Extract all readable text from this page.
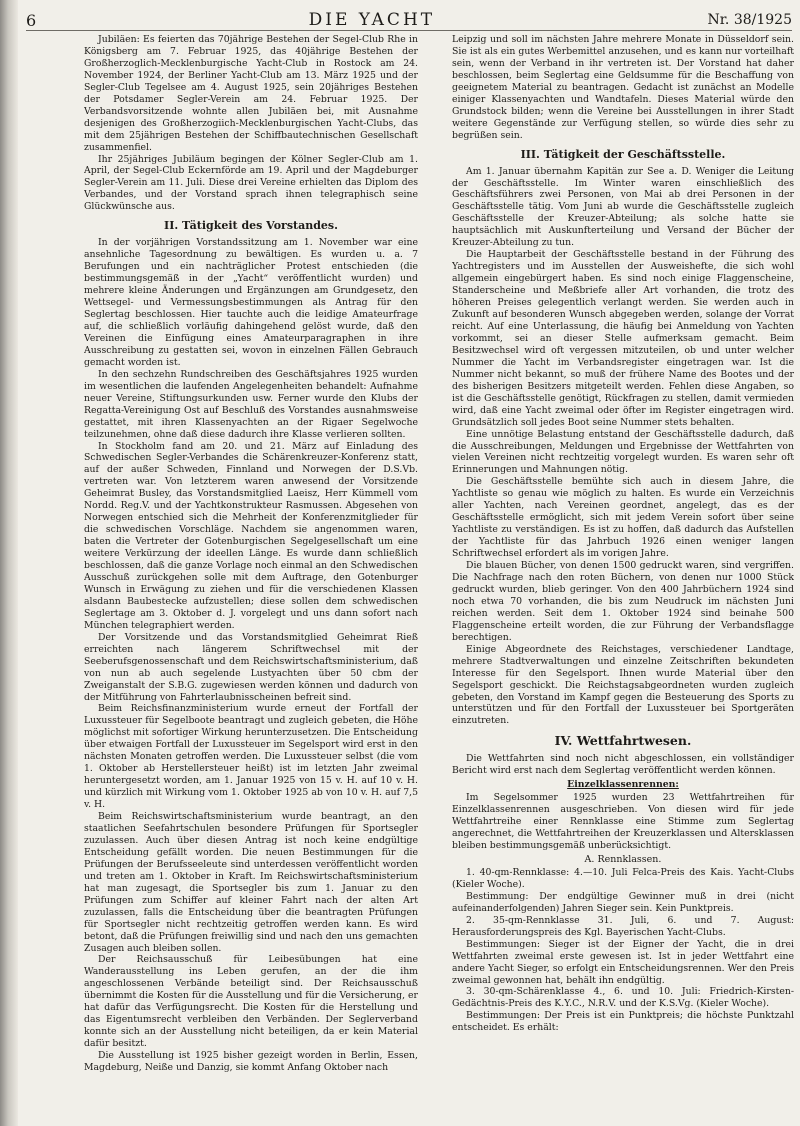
6	DIE YACHT	Nr. 38/1925
Jubiläen: Es feierten das 70jährige Bestehen der Segel-Club Rhe in Königsberg am 7. Februar 1925, das 40jährige Bestehen der Großherzoglich-Mecklenburgische Yacht-Club in Rostock am 24. November 1924, der Berliner Yacht-Club am 13. März 1925 und der Segler-Club Tegelsee am 4. August 1925, sein 20jähriges Bestehen der Potsdamer Segler-Verein am 24. Februar 1925. Der Verbandsvorsitzende wohnte allen Jubiläen bei, mit Ausnahme desjenigen des Großherzogiich-Mecklenburgischen Yacht-Clubs, das mit dem 25jährigen Bestehen der Schiffbautechnischen Gesellschaft zusammenfiel.
Ihr 25jähriges Jubiläum begingen der Kölner Segler-Club am 1. April, der Segel-Club Eckernförde am 19. April und der Magdeburger Segler-Verein am 11. Juli. Diese drei Vereine erhielten das Diplom des Verbandes, und der Vorstand sprach ihnen telegraphisch seine Glückwünsche aus.
II. Tätigkeit des Vorstandes.
In der vorjährigen Vorstandssitzung am 1. November war eine ansehnliche Tagesordnung zu bewältigen. Es wurden u. a. 7 Berufungen und ein nachträglicher Protest entschieden (die bestimmungsgemäß in der „Yacht“ veröffentlicht wurden) und mehrere kleine Änderungen und Ergänzungen am Grundgesetz, den Wettsegel- und Vermessungsbestimmungen als Antrag für den Seglertag beschlossen. Hier tauchte auch die leidige Amateurfrage auf, die schließlich vorläufig dahingehend gelöst wurde, daß den Vereinen die Einfügung eines Amateurparagraphen in ihre Ausschreibung zu gestatten sei, wovon in einzelnen Fällen Gebrauch gemacht worden ist.
In den sechzehn Rundschreiben des Geschäftsjahres 1925 wurden im wesentlichen die laufenden Angelegenheiten behandelt: Aufnahme neuer Vereine, Stiftungsurkunden usw. Ferner wurde den Klubs der Regatta-Vereinigung Ost auf Beschluß des Vorstandes ausnahmsweise gestattet, mit ihren Klassenyachten an der Rigaer Segelwoche teilzunehmen, ohne daß diese dadurch ihre Klasse verlieren sollten.
In Stockholm fand am 20. und 21. März auf Einladung des Schwedischen Segler-Verbandes die Schärenkreuzer-Konferenz statt, auf der außer Schweden, Finnland und Norwegen der D.S.Vb. vertreten war. Von letzterem waren anwesend der Vorsitzende Geheimrat Busley, das Vorstandsmitglied Laeisz, Herr Kümmell vom Nordd. Reg.V. und der Yachtkonstrukteur Rasmussen. Abgesehen von Norwegen entschied sich die Mehrheit der Konferenzmitglieder für die schwedischen Vorschläge. Nachdem sie angenommen waren, baten die Vertreter der Gotenburgischen Segelgesellschaft um eine weitere Verkürzung der ideellen Länge. Es wurde dann schließlich beschlossen, daß die ganze Vorlage noch einmal an den Schwedischen Ausschuß zurückgehen solle mit dem Auftrage, den Gotenburger Wunsch in Erwägung zu ziehen und für die verschiedenen Klassen alsdann Baubestecke aufzustellen; diese sollen dem schwedischen Seglertage am 3. Oktober d. J. vorgelegt und uns dann sofort nach München telegraphiert werden.
Der Vorsitzende und das Vorstandsmitglied Geheimrat Rieß erreichten nach längerem Schriftwechsel mit der Seeberufsgenossenschaft und dem Reichswirtschaftsministerium, daß von nun ab auch segelende Lustyachten über 50 cbm der Zweiganstalt der S.B.G. zugewiesen werden können und dadurch von der Mitführung von Fahrterlaubnisscheinen befreit sind.
Beim Reichsfinanzministerium wurde erneut der Fortfall der Luxussteuer für Segelboote beantragt und zugleich gebeten, die Höhe möglichst mit sofortiger Wirkung herunterzusetzen. Die Entscheidung über etwaigen Fortfall der Luxussteuer im Segelsport wird erst in den nächsten Monaten getroffen werden. Die Luxussteuer selbst (die vom 1. Oktober ab Herstellersteuer heißt) ist im letzten Jahr zweimal heruntergesetzt worden, am 1. Januar 1925 von 15 v. H. auf 10 v. H. und kürzlich mit Wirkung vom 1. Oktober 1925 ab von 10 v. H. auf 7,5 v. H.
Beim Reichswirtschaftsministerium wurde beantragt, an den staatlichen Seefahrtschulen besondere Prüfungen für Sportsegler zuzulassen. Auch über diesen Antrag ist noch keine endgültige Entscheidung gefällt worden. Die neuen Bestimmungen für die Prüfungen der Berufsseeleute sind unterdessen veröffentlicht worden und treten am 1. Oktober in Kraft. Im Reichswirtschaftsministerium hat man zugesagt, die Sportsegler bis zum 1. Januar zu den Prüfungen zum Schiffer auf kleiner Fahrt nach der alten Art zuzulassen, falls die Entscheidung über die beantragten Prüfungen für Sportsegler nicht rechtzeitig getroffen werden kann. Es wird betont, daß die Prüfungen freiwillig sind und nach den uns gemachten Zusagen auch bleiben sollen.
Der Reichsausschuß für Leibesübungen hat eine Wanderausstellung ins Leben gerufen, an der die ihm angeschlossenen Verbände beteiligt sind. Der Reichsausschuß übernimmt die Kosten für die Ausstellung und für die Versicherung, er hat dafür das Verfügungsrecht. Die Kosten für die Herstellung und das Eigentumsrecht verbleiben den Verbänden. Der Seglerverband konnte sich an der Ausstellung nicht beteiligen, da er kein Material dafür besitzt.
Die Ausstellung ist 1925 bisher gezeigt worden in Berlin, Essen, Magdeburg, Neiße und Danzig, sie kommt Anfang Oktober nach
Leipzig und soll im nächsten Jahre mehrere Monate in Düsseldorf sein. Sie ist als ein gutes Werbemittel anzusehen, und es kann nur vorteilhaft sein, wenn der Verband in ihr vertreten ist. Der Vorstand hat daher beschlossen, beim Seglertag eine Geldsumme für die Beschaffung von geeignetem Material zu beantragen. Gedacht ist zunächst an Modelle einiger Klassenyachten und Wandtafeln. Dieses Material würde den Grundstock bilden; wenn die Vereine bei Ausstellungen in ihrer Stadt weitere Gegenstände zur Verfügung stellen, so würde dies sehr zu begrüßen sein.
III. Tätigkeit der Geschäftsstelle.
Am 1. Januar übernahm Kapitän zur See a. D. Weniger die Leitung der Geschäftsstelle. Im Winter waren einschließlich des Geschäftsführers zwei Personen, von Mai ab drei Personen in der Geschäftsstelle tätig. Vom Juni ab wurde die Geschäftsstelle zugleich Geschäftsstelle der Kreuzer-Abteilung; als solche hatte sie hauptsächlich mit Auskunfterteilung und Versand der Bücher der Kreuzer-Abteilung zu tun.
Die Hauptarbeit der Geschäftsstelle bestand in der Führung des Yachtregisters und im Ausstellen der Ausweishefte, die sich wohl allgemein eingebürgert haben. Es sind noch einige Flaggenscheine, Standerscheine und Meßbriefe aller Art vorhanden, die trotz des höheren Preises gelegentlich verlangt werden. Sie werden auch in Zukunft auf besonderen Wunsch abgegeben werden, solange der Vorrat reicht. Auf eine Unterlassung, die häufig bei Anmeldung von Yachten vorkommt, sei an dieser Stelle aufmerksam gemacht. Beim Besitzwechsel wird oft vergessen mitzuteilen, ob und unter welcher Nummer die Yacht im Verbandsregister eingetragen war. Ist die Nummer nicht bekannt, so muß der frühere Name des Bootes und der des bisherigen Besitzers mitgeteilt werden. Fehlen diese Angaben, so ist die Geschäftsstelle genötigt, Rückfragen zu stellen, damit vermieden wird, daß eine Yacht zweimal oder öfter im Register eingetragen wird. Grundsätzlich soll jedes Boot seine Nummer stets behalten.
Eine unnötige Belastung entstand der Geschäftsstelle dadurch, daß die Ausschreibungen, Meldungen und Ergebnisse der Wettfahrten von vielen Vereinen nicht rechtzeitig vorgelegt wurden. Es waren sehr oft Erinnerungen und Mahnungen nötig.
Die Geschäftsstelle bemühte sich auch in diesem Jahre, die Yachtliste so genau wie möglich zu halten. Es wurde ein Verzeichnis aller Yachten, nach Vereinen geordnet, angelegt, das es der Geschäftsstelle ermöglicht, sich mit jedem Verein sofort über seine Yachtliste zu verständigen. Es ist zu hoffen, daß dadurch das Aufstellen der Yachtliste für das Jahrbuch 1926 einen weniger langen Schriftwechsel erfordert als im vorigen Jahre.
Die blauen Bücher, von denen 1500 gedruckt waren, sind vergriffen. Die Nachfrage nach den roten Büchern, von denen nur 1000 Stück gedruckt wurden, blieb geringer. Von den 400 Jahrbüchern 1924 sind noch etwa 70 vorhanden, die bis zum Neudruck im nächsten Juni reichen werden. Seit dem 1. Oktober 1924 sind beinahe 500 Flaggenscheine erteilt worden, die zur Führung der Verbandsflagge berechtigen.
Einige Abgeordnete des Reichstages, verschiedener Landtage, mehrere Stadtverwaltungen und einzelne Zeitschriften bekundeten Interesse für den Segelsport. Ihnen wurde Material über den Segelsport geschickt. Die Reichstagsabgeordneten wurden zugleich gebeten, den Vorstand im Kampf gegen die Besteuerung des Sports zu unterstützen und für den Fortfall der Luxussteuer bei Sportgeräten einzutreten.
IV. Wettfahrtwesen.
Die Wettfahrten sind noch nicht abgeschlossen, ein vollständiger Bericht wird erst nach dem Seglertag veröffentlicht werden können.
Einzelklassenrennen:
Im Segelsommer 1925 wurden 23 Wettfahrtreihen für Einzelklassenrennen ausgeschrieben. Von diesen wird für jede Wettfahrtreihe einer Rennklasse eine Stimme zum Seglertag angerechnet, die Wettfahrtreihen der Kreuzerklassen und Altersklassen bleiben bestimmungsgemäß unberücksichtigt.
A. Rennklassen.
1. 40-qm-Rennklasse: 4.—10. Juli Felca-Preis des Kais. Yacht-Clubs (Kieler Woche).
Bestimmung: Der endgültige Gewinner muß in drei (nicht aufeinanderfolgenden) Jahren Sieger sein. Kein Punktpreis.
2. 35-qm-Rennklasse 31. Juli, 6. und 7. August: Herausforderungspreis des Kgl. Bayerischen Yacht-Clubs.
Bestimmungen: Sieger ist der Eigner der Yacht, die in drei Wettfahrten zweimal erste gewesen ist. Ist in jeder Wettfahrt eine andere Yacht Sieger, so erfolgt ein Entscheidungsrennen. Wer den Preis zweimal gewonnen hat, behält ihn endgültig.
3. 30-qm-Schärenklasse 4., 6. und 10. Juli: Friedrich-Kirsten-Gedächtnis-Preis des K.Y.C., N.R.V. und der K.S.Vg. (Kieler Woche).
Bestimmungen: Der Preis ist ein Punktpreis; die höchste Punktzahl entscheidet. Es erhält:
